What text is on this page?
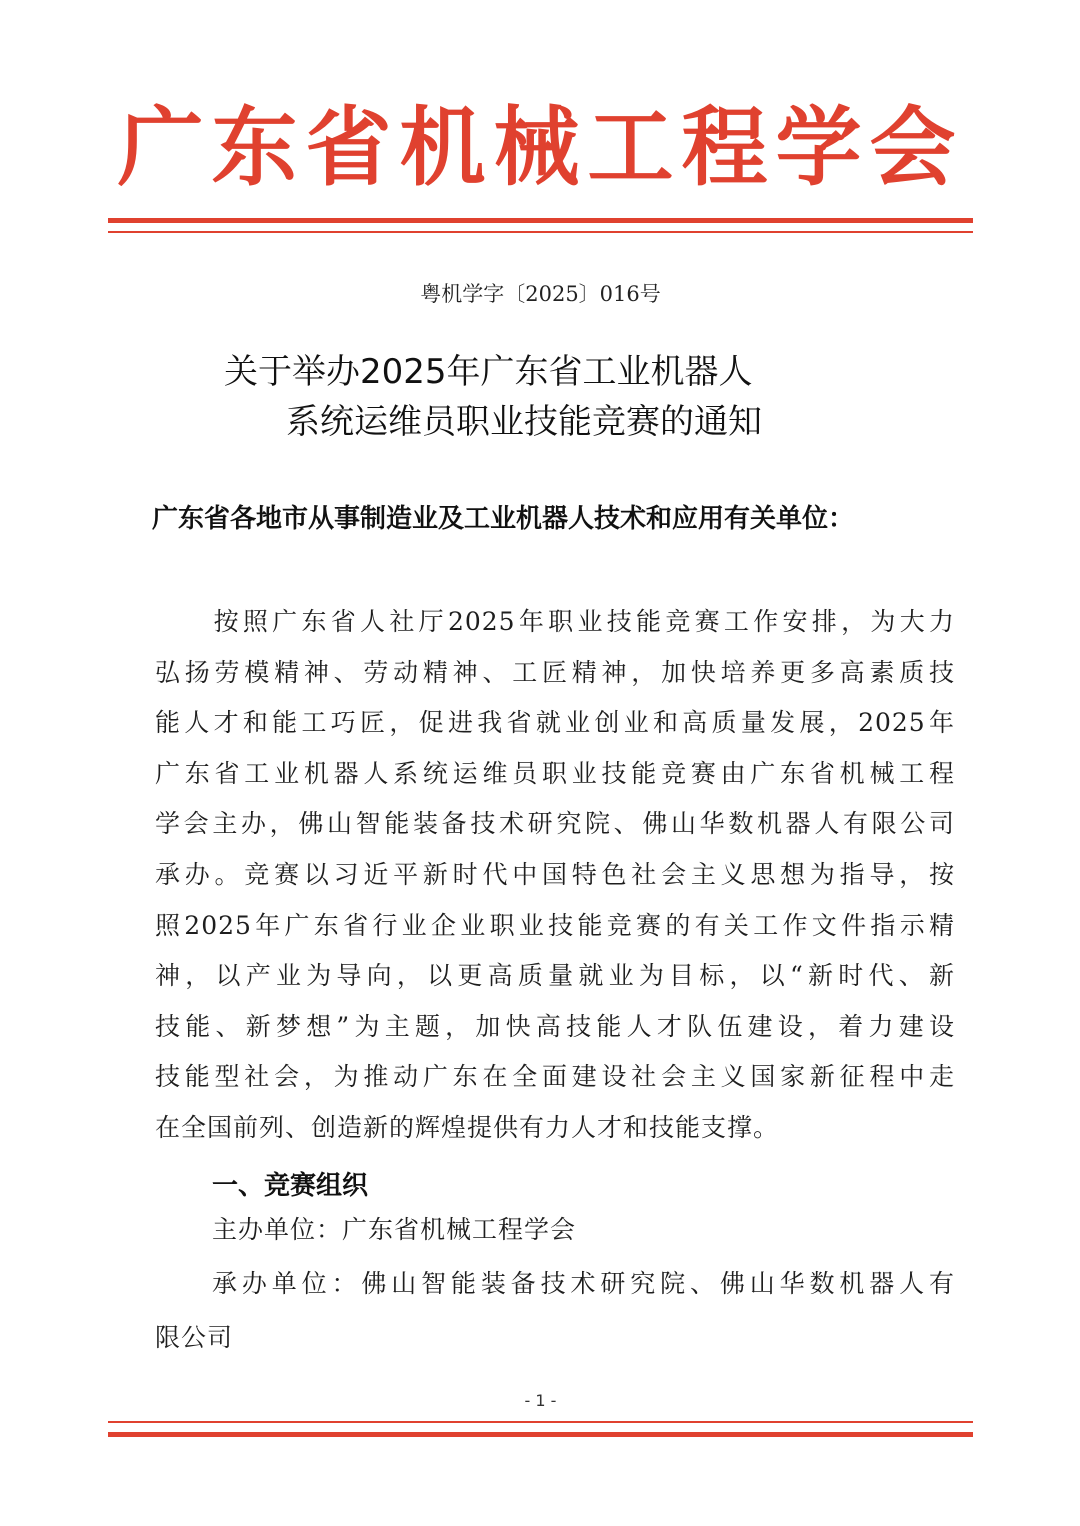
广东省机械工程学会
粤机学字〔2025〕016号
关于举办2025年广东省工业机器人
系统运维员职业技能竞赛的通知
广东省各地市从事制造业及工业机器人技术和应用有关单位：
　　按照广东省人社厅2025年职业技能竞赛工作安排，为大力
弘扬劳模精神、劳动精神、工匠精神，加快培养更多高素质技
能人才和能工巧匠，促进我省就业创业和高质量发展，2025年
广东省工业机器人系统运维员职业技能竞赛由广东省机械工程
学会主办，佛山智能装备技术研究院、佛山华数机器人有限公司
承办。竞赛以习近平新时代中国特色社会主义思想为指导，按
照2025年广东省行业企业职业技能竞赛的有关工作文件指示精
神，以产业为导向，以更高质量就业为目标，以“新时代、新
技能、新梦想”为主题，加快高技能人才队伍建设，着力建设
技能型社会，为推动广东在全面建设社会主义国家新征程中走
在全国前列、创造新的辉煌提供有力人才和技能支撑。
一、竞赛组织
主办单位：广东省机械工程学会
承办单位：佛山智能装备技术研究院、佛山华数机器人有
限公司
- 1 -
